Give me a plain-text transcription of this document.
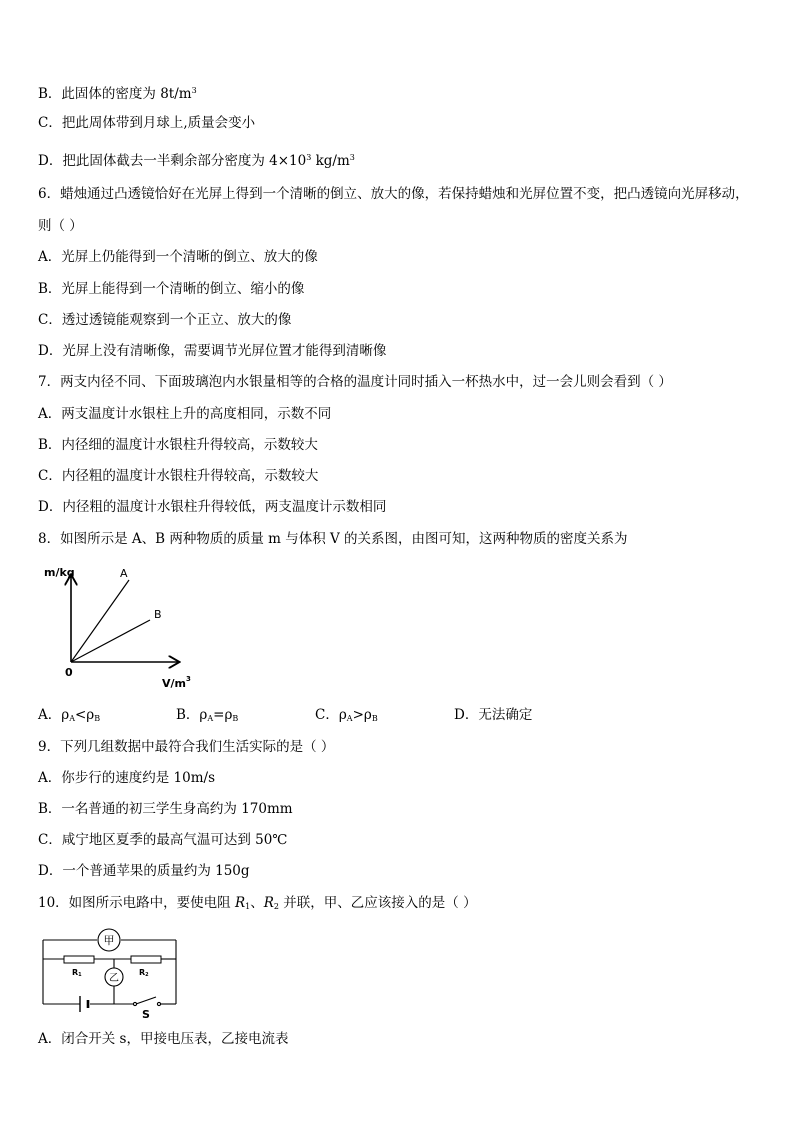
B．此固体的密度为 $8t/m^3$
C．把此周体带到月球上,质量会变小
D．把此固体截去一半剩余部分密度为 $4\times 10^3$ $kg/m^3$
6．蜡烛通过凸透镜恰好在光屏上得到一个清晰的倒立、放大的像，若保持蜡烛和光屏位置不变，把凸透镜向光屏移动，
则（ ）
A．光屏上仍能得到一个清晰的倒立、放大的像
B．光屏上能得到一个清晰的倒立、缩小的像
C．透过透镜能观察到一个正立、放大的像
D．光屏上没有清晰像，需要调节光屏位置才能得到清晰像
7．两支内径不同、下面玻璃泡内水银量相等的合格的温度计同时插入一杯热水中，过一会儿则会看到（ ）
A．两支温度计水银柱上升的高度相同，示数不同
B．内径细的温度计水银柱升得较高，示数较大
C．内径粗的温度计水银柱升得较高，示数较大
D．内径粗的温度计水银柱升得较低，两支温度计示数相同
8．如图所示是 A、B 两种物质的质量 m 与体积 V 的关系图，由图可知，这两种物质的密度关系为
m/kg	A
B
0
V/m 3
A．$\rho_A<\rho_B$	B．$\rho_A=\rho_B$	C．$\rho_A>\rho_B$	D．无法确定
9．下列几组数据中最符合我们生活实际的是（ ）
A．你步行的速度约是 10m/s
B．一名普通的初三学生身高约为 170mm
C．咸宁地区夏季的最高气温可达到 50℃
D．一个普通苹果的质量约为 150g
10．如图所示电路中，要使电阻 $R_1$、$R_2$ 并联，甲、乙应该接入的是（ ）
甲
乙
R1	R2
S
A．闭合开关 s，甲接电压表，乙接电流表
